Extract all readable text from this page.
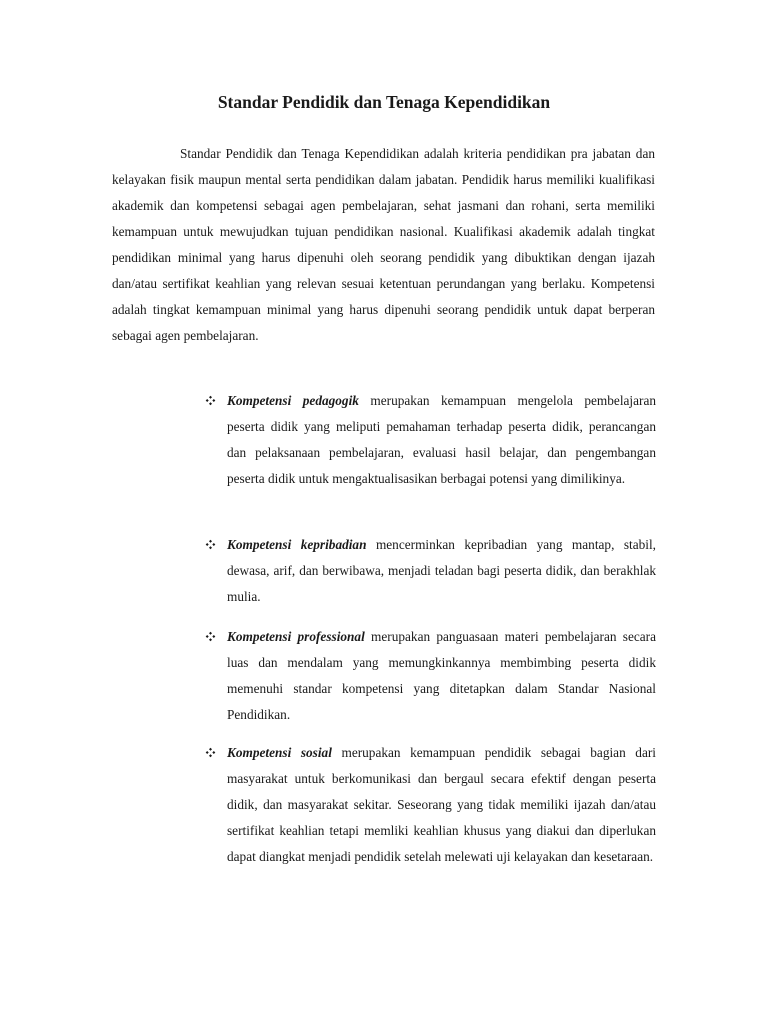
Standar Pendidik dan Tenaga Kependidikan

Standar Pendidik dan Tenaga Kependidikan adalah kriteria pendidikan pra jabatan dan kelayakan fisik maupun mental serta pendidikan dalam jabatan. Pendidik harus memiliki kualifikasi akademik dan kompetensi sebagai agen pembelajaran, sehat jasmani dan rohani, serta memiliki kemampuan untuk mewujudkan tujuan pendidikan nasional. Kualifikasi akademik adalah tingkat pendidikan minimal yang harus dipenuhi oleh seorang pendidik yang dibuktikan dengan ijazah dan/atau sertifikat keahlian yang relevan sesuai ketentuan perundangan yang berlaku. Kompetensi adalah tingkat kemampuan minimal yang harus dipenuhi seorang pendidik untuk dapat berperan sebagai agen pembelajaran.

Kompetensi pedagogik merupakan kemampuan mengelola pembelajaran peserta didik yang meliputi pemahaman terhadap peserta didik, perancangan dan pelaksanaan pembelajaran, evaluasi hasil belajar, dan pengembangan peserta didik untuk mengaktualisasikan berbagai potensi yang dimilikinya.

Kompetensi kepribadian mencerminkan kepribadian yang mantap, stabil, dewasa, arif, dan berwibawa, menjadi teladan bagi peserta didik, dan berakhlak mulia.

Kompetensi professional merupakan panguasaan materi pembelajaran secara luas dan mendalam yang memungkinkannya membimbing peserta didik memenuhi standar kompetensi yang ditetapkan dalam Standar Nasional Pendidikan.

Kompetensi sosial merupakan kemampuan pendidik sebagai bagian dari masyarakat untuk berkomunikasi dan bergaul secara efektif dengan peserta didik, dan masyarakat sekitar. Seseorang yang tidak memiliki ijazah dan/atau sertifikat keahlian tetapi memliki keahlian khusus yang diakui dan diperlukan dapat diangkat menjadi pendidik setelah melewati uji kelayakan dan kesetaraan.
